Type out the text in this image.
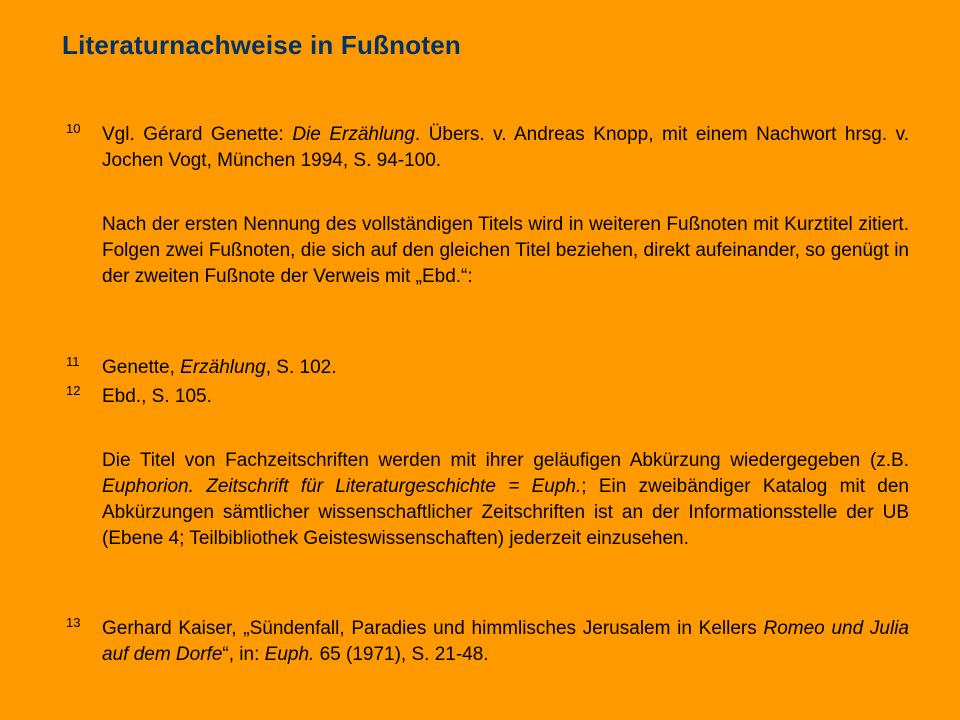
Literaturnachweise in Fußnoten
10 Vgl. Gérard Genette: Die Erzählung. Übers. v. Andreas Knopp, mit einem Nachwort hrsg. v. Jochen Vogt, München 1994, S. 94-100.
Nach der ersten Nennung des vollständigen Titels wird in weiteren Fußnoten mit Kurztitel zitiert. Folgen zwei Fußnoten, die sich auf den gleichen Titel beziehen, direkt aufeinander, so genügt in der zweiten Fußnote der Verweis mit „Ebd.“:
11 Genette, Erzählung, S. 102.
12 Ebd., S. 105.
Die Titel von Fachzeitschriften werden mit ihrer geläufigen Abkürzung wiedergegeben (z.B. Euphorion. Zeitschrift für Literaturgeschichte = Euph.; Ein zweibändiger Katalog mit den Abkürzungen sämtlicher wissenschaftlicher Zeitschriften ist an der Informationsstelle der UB (Ebene 4; Teilbibliothek Geisteswissenschaften) jederzeit einzusehen.
13 Gerhard Kaiser, „Sündenfall, Paradies und himmlisches Jerusalem in Kellers Romeo und Julia auf dem Dorfe“, in: Euph. 65 (1971), S. 21-48.
